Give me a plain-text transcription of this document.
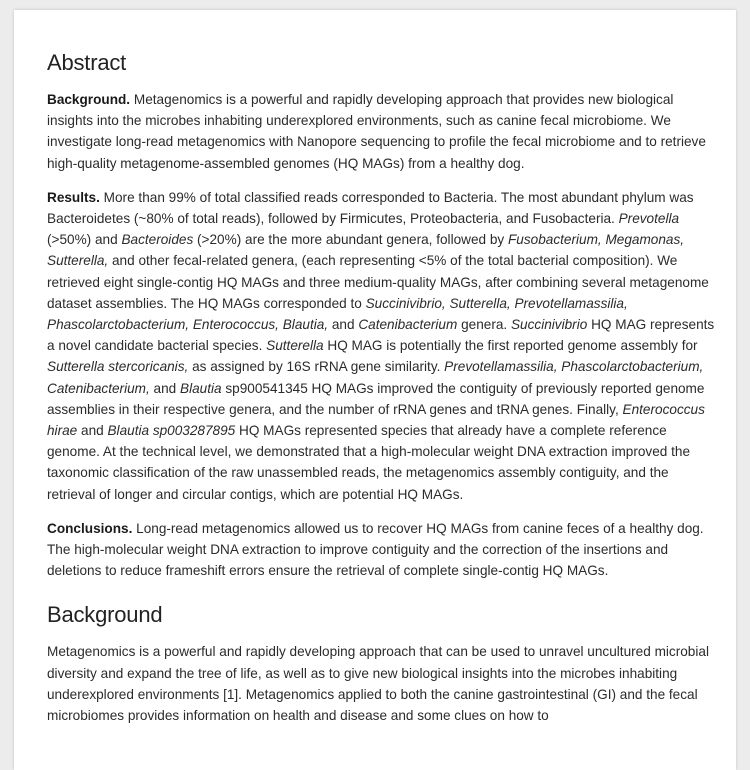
Abstract

Background. Metagenomics is a powerful and rapidly developing approach that provides new biological insights into the microbes inhabiting underexplored environments, such as canine fecal microbiome. We investigate long-read metagenomics with Nanopore sequencing to profile the fecal microbiome and to retrieve high-quality metagenome-assembled genomes (HQ MAGs) from a healthy dog.

Results. More than 99% of total classified reads corresponded to Bacteria. The most abundant phylum was Bacteroidetes (~80% of total reads), followed by Firmicutes, Proteobacteria, and Fusobacteria. Prevotella (>50%) and Bacteroides (>20%) are the more abundant genera, followed by Fusobacterium, Megamonas, Sutterella, and other fecal-related genera, (each representing <5% of the total bacterial composition). We retrieved eight single-contig HQ MAGs and three medium-quality MAGs, after combining several metagenome dataset assemblies. The HQ MAGs corresponded to Succinivibrio, Sutterella, Prevotellamassilia, Phascolarctobacterium, Enterococcus, Blautia, and Catenibacterium genera. Succinivibrio HQ MAG represents a novel candidate bacterial species. Sutterella HQ MAG is potentially the first reported genome assembly for Sutterella stercoricanis, as assigned by 16S rRNA gene similarity. Prevotellamassilia, Phascolarctobacterium, Catenibacterium, and Blautia sp900541345 HQ MAGs improved the contiguity of previously reported genome assemblies in their respective genera, and the number of rRNA genes and tRNA genes. Finally, Enterococcus hirae and Blautia sp003287895 HQ MAGs represented species that already have a complete reference genome. At the technical level, we demonstrated that a high-molecular weight DNA extraction improved the taxonomic classification of the raw unassembled reads, the metagenomics assembly contiguity, and the retrieval of longer and circular contigs, which are potential HQ MAGs.

Conclusions. Long-read metagenomics allowed us to recover HQ MAGs from canine feces of a healthy dog. The high-molecular weight DNA extraction to improve contiguity and the correction of the insertions and deletions to reduce frameshift errors ensure the retrieval of complete single-contig HQ MAGs.

Background

Metagenomics is a powerful and rapidly developing approach that can be used to unravel uncultured microbial diversity and expand the tree of life, as well as to give new biological insights into the microbes inhabiting underexplored environments [1]. Metagenomics applied to both the canine gastrointestinal (GI) and the fecal microbiomes provides information on health and disease and some clues on how to
